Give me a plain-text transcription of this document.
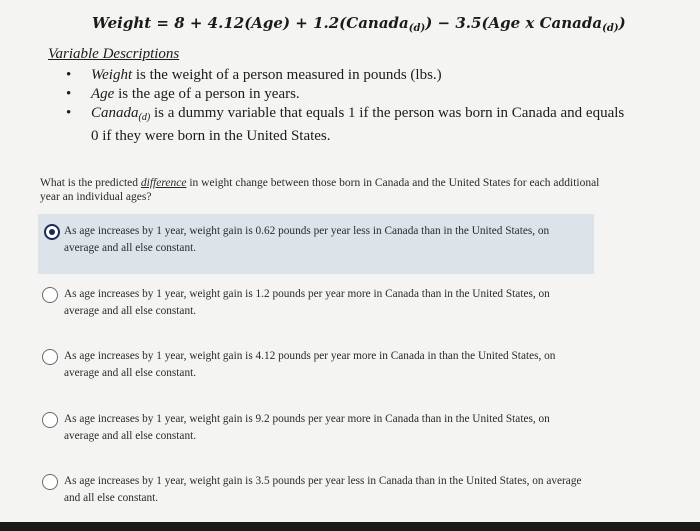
Weight = 8 + 4.12(Age) + 1.2(Canada$_{(d)}$) − 3.5(Age x Canada$_{(d)}$)
Variable Descriptions
• Weight is the weight of a person measured in pounds (lbs.)
• Age is the age of a person in years.
• Canada$_{(d)}$ is a dummy variable that equals 1 if the person was born in Canada and equals 0 if they were born in the United States.
What is the predicted difference in weight change between those born in Canada and the United States for each additional year an individual ages?
As age increases by 1 year, weight gain is 0.62 pounds per year less in Canada than in the United States, on average and all else constant.
As age increases by 1 year, weight gain is 1.2 pounds per year more in Canada than in the United States, on average and all else constant.
As age increases by 1 year, weight gain is 4.12 pounds per year more in Canada in than the United States, on average and all else constant.
As age increases by 1 year, weight gain is 9.2 pounds per year more in Canada than in the United States, on average and all else constant.
As age increases by 1 year, weight gain is 3.5 pounds per year less in Canada than in the United States, on average and all else constant.
